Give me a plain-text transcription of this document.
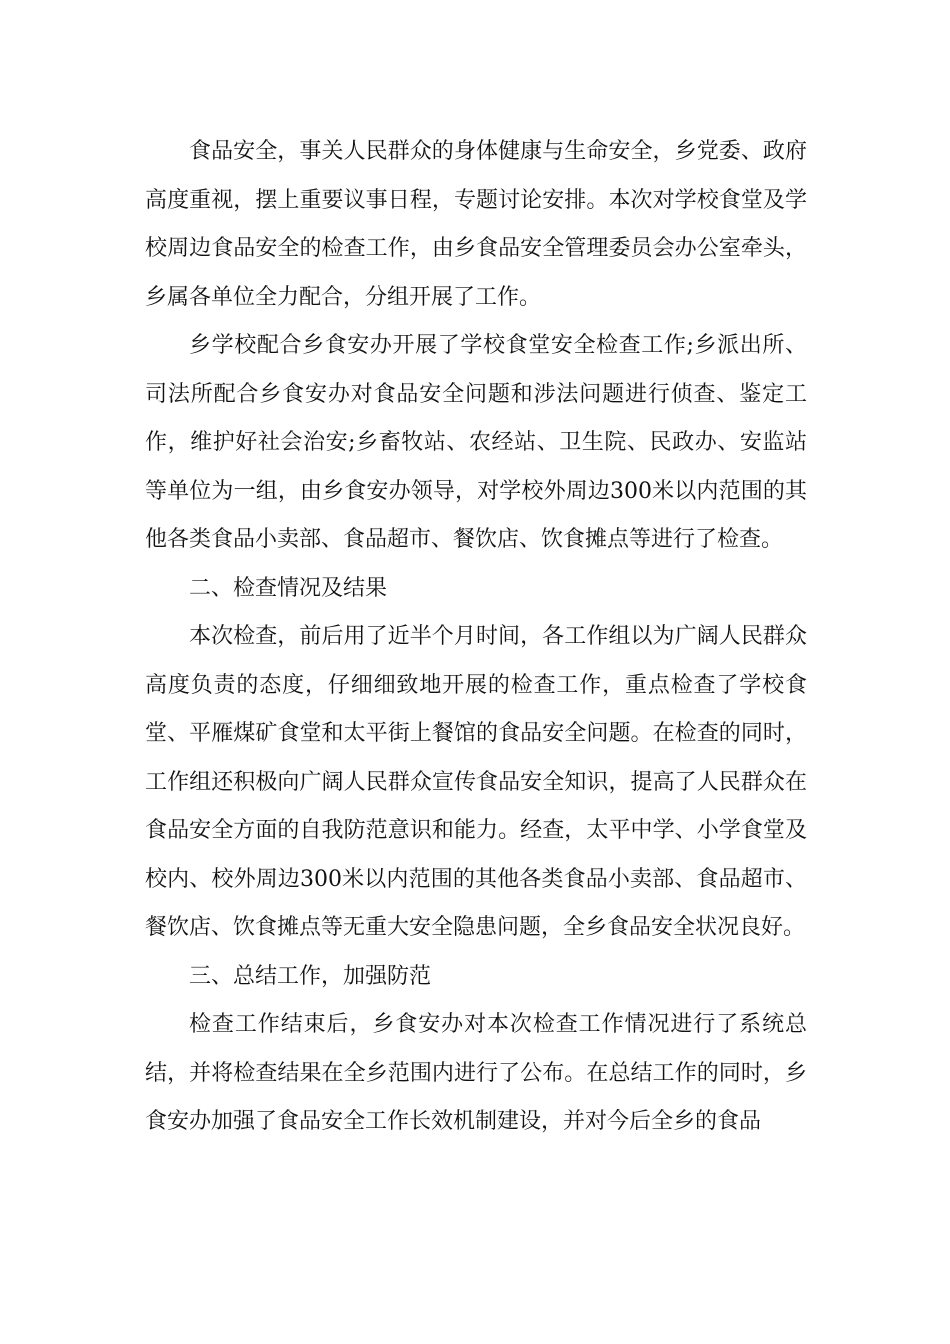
食品安全，事关人民群众的身体健康与生命安全，乡党委、政府高度重视，摆上重要议事日程，专题讨论安排。本次对学校食堂及学校周边食品安全的检查工作，由乡食品安全管理委员会办公室牵头，乡属各单位全力配合，分组开展了工作。

乡学校配合乡食安办开展了学校食堂安全检查工作;乡派出所、司法所配合乡食安办对食品安全问题和涉法问题进行侦查、鉴定工作，维护好社会治安;乡畜牧站、农经站、卫生院、民政办、安监站等单位为一组，由乡食安办领导，对学校外周边300米以内范围的其他各类食品小卖部、食品超市、餐饮店、饮食摊点等进行了检查。

二、检查情况及结果

本次检查，前后用了近半个月时间，各工作组以为广阔人民群众高度负责的态度，仔细细致地开展的检查工作，重点检查了学校食堂、平雁煤矿食堂和太平街上餐馆的食品安全问题。在检查的同时，工作组还积极向广阔人民群众宣传食品安全知识，提高了人民群众在食品安全方面的自我防范意识和能力。经查，太平中学、小学食堂及校内、校外周边300米以内范围的其他各类食品小卖部、食品超市、餐饮店、饮食摊点等无重大安全隐患问题，全乡食品安全状况良好。

三、总结工作，加强防范

检查工作结束后，乡食安办对本次检查工作情况进行了系统总结，并将检查结果在全乡范围内进行了公布。在总结工作的同时，乡食安办加强了食品安全工作长效机制建设，并对今后全乡的食品
